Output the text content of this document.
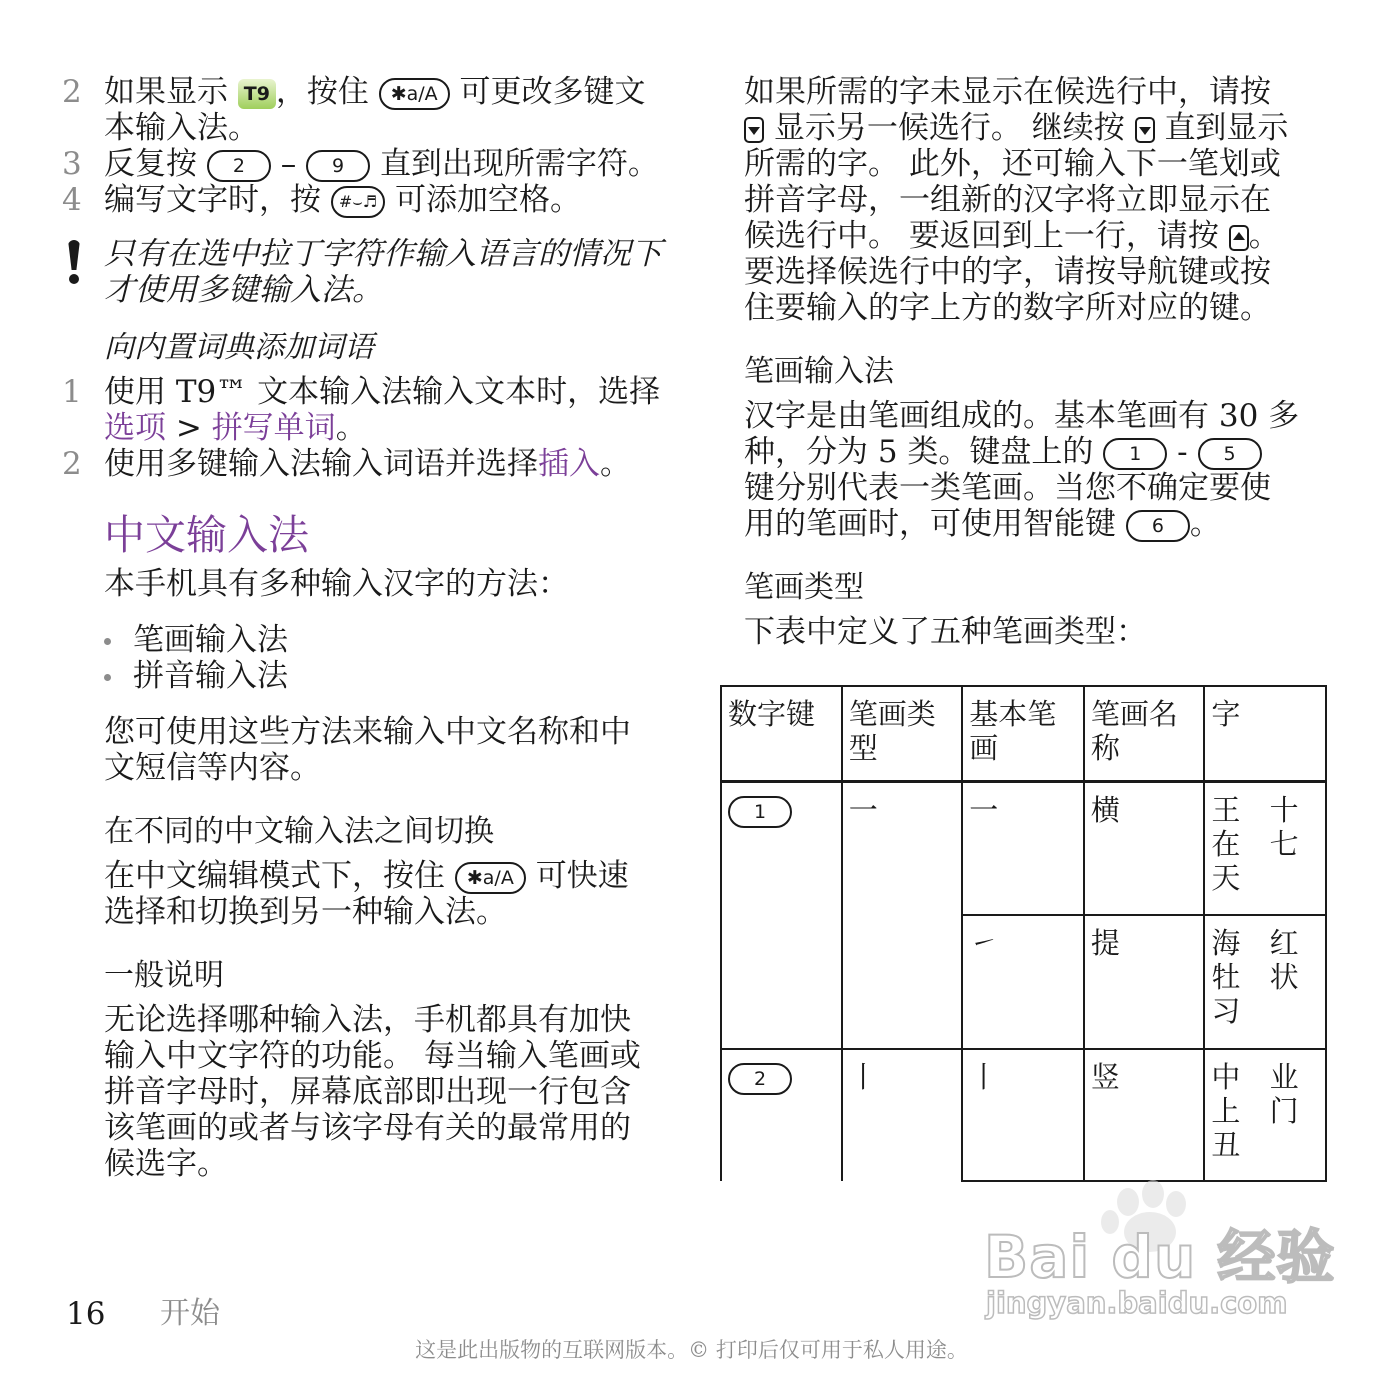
2 如果显示 T9 ，按住 ✱a/A 可更改多键文
本输入法。
3 反复按 2 – 9 直到出现所需字符。
4 编写文字时，按 #⌣♬ 可添加空格。
只有在选中拉丁字符作输入语言的情况下
才使用多键输入法。
向内置词典添加词语
1 使用 T9™ 文本输入法输入文本时，选择
选项 > 拼写单词。
2 使用多键输入法输入词语并选择插入。
中文输入法
本手机具有多种输入汉字的方法：
笔画输入法
拼音输入法
您可使用这些方法来输入中文名称和中
文短信等内容。
在不同的中文输入法之间切换
在中文编辑模式下，按住 ✱a/A 可快速
选择和切换到另一种输入法。
一般说明
无论选择哪种输入法，手机都具有加快
输入中文字符的功能。 每当输入笔画或
拼音字母时，屏幕底部即出现一行包含
该笔画的或者与该字母有关的最常用的
候选字。
如果所需的字未显示在候选行中，请按

显示另一候选行。 继续按 直到显示
所需的字。 此外，还可输入下一笔划或
拼音字母，一组新的汉字将立即显示在
候选行中。 要返回到上一行，请按 。
要选择候选行中的字，请按导航键或按
住要输入的字上方的数字所对应的键。
笔画输入法
汉字是由笔画组成的。基本笔画有 30 多
种，分为 5 类。键盘上的 1 - 5
键分别代表一类笔画。当您不确定要使
用的笔画时，可使用智能键 6 。
笔画类型
下表中定义了五种笔画类型：
数字键	笔画类型	基本笔画	笔画名称	字
1	一	一	横	王 十
在 七
天

		㇀	提	海 红
牡 状
习
2	丨	丨	竖	中 业
上 门
丑
Bai du 经验
jingyan.baidu.com
16 开始
这是此出版物的互联网版本。© 打印后仅可用于私人用途。
